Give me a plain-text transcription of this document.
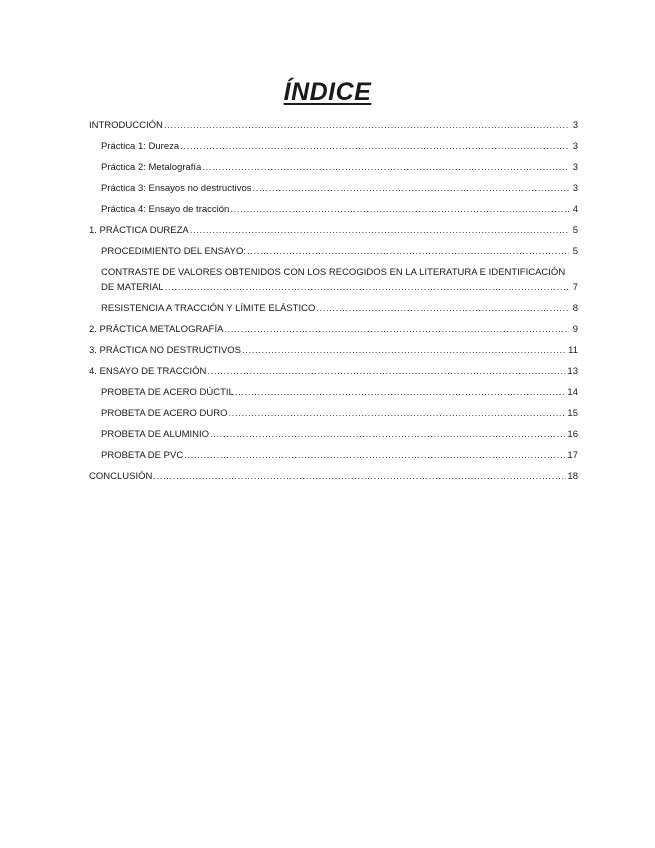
ÍNDICE
INTRODUCCIÓN .....	3
Práctica 1: Dureza .....	3
Práctica 2: Metalografía .....	3
Práctica 3: Ensayos no destructivos .....	3
Práctica 4: Ensayo de tracción .....	4
1. PRÁCTICA DUREZA .....	5
PROCEDIMIENTO DEL ENSAYO: .....	5
CONTRASTE DE VALORES OBTENIDOS CON LOS RECOGIDOS EN LA LITERATURA E IDENTIFICACIÓN
DE MATERIAL .....	7
RESISTENCIA A TRACCIÓN Y LÍMITE ELÁSTICO .....	8
2. PRÁCTICA METALOGRAFÍA .....	9
3. PRÁCTICA NO DESTRUCTIVOS .....	11
4. ENSAYO DE TRACCIÓN .....	13
PROBETA DE ACERO DÚCTIL .....	14
PROBETA DE ACERO DURO .....	15
PROBETA DE ALUMINIO .....	16
PROBETA DE PVC .....	17
CONCLUSIÓN .....	18
